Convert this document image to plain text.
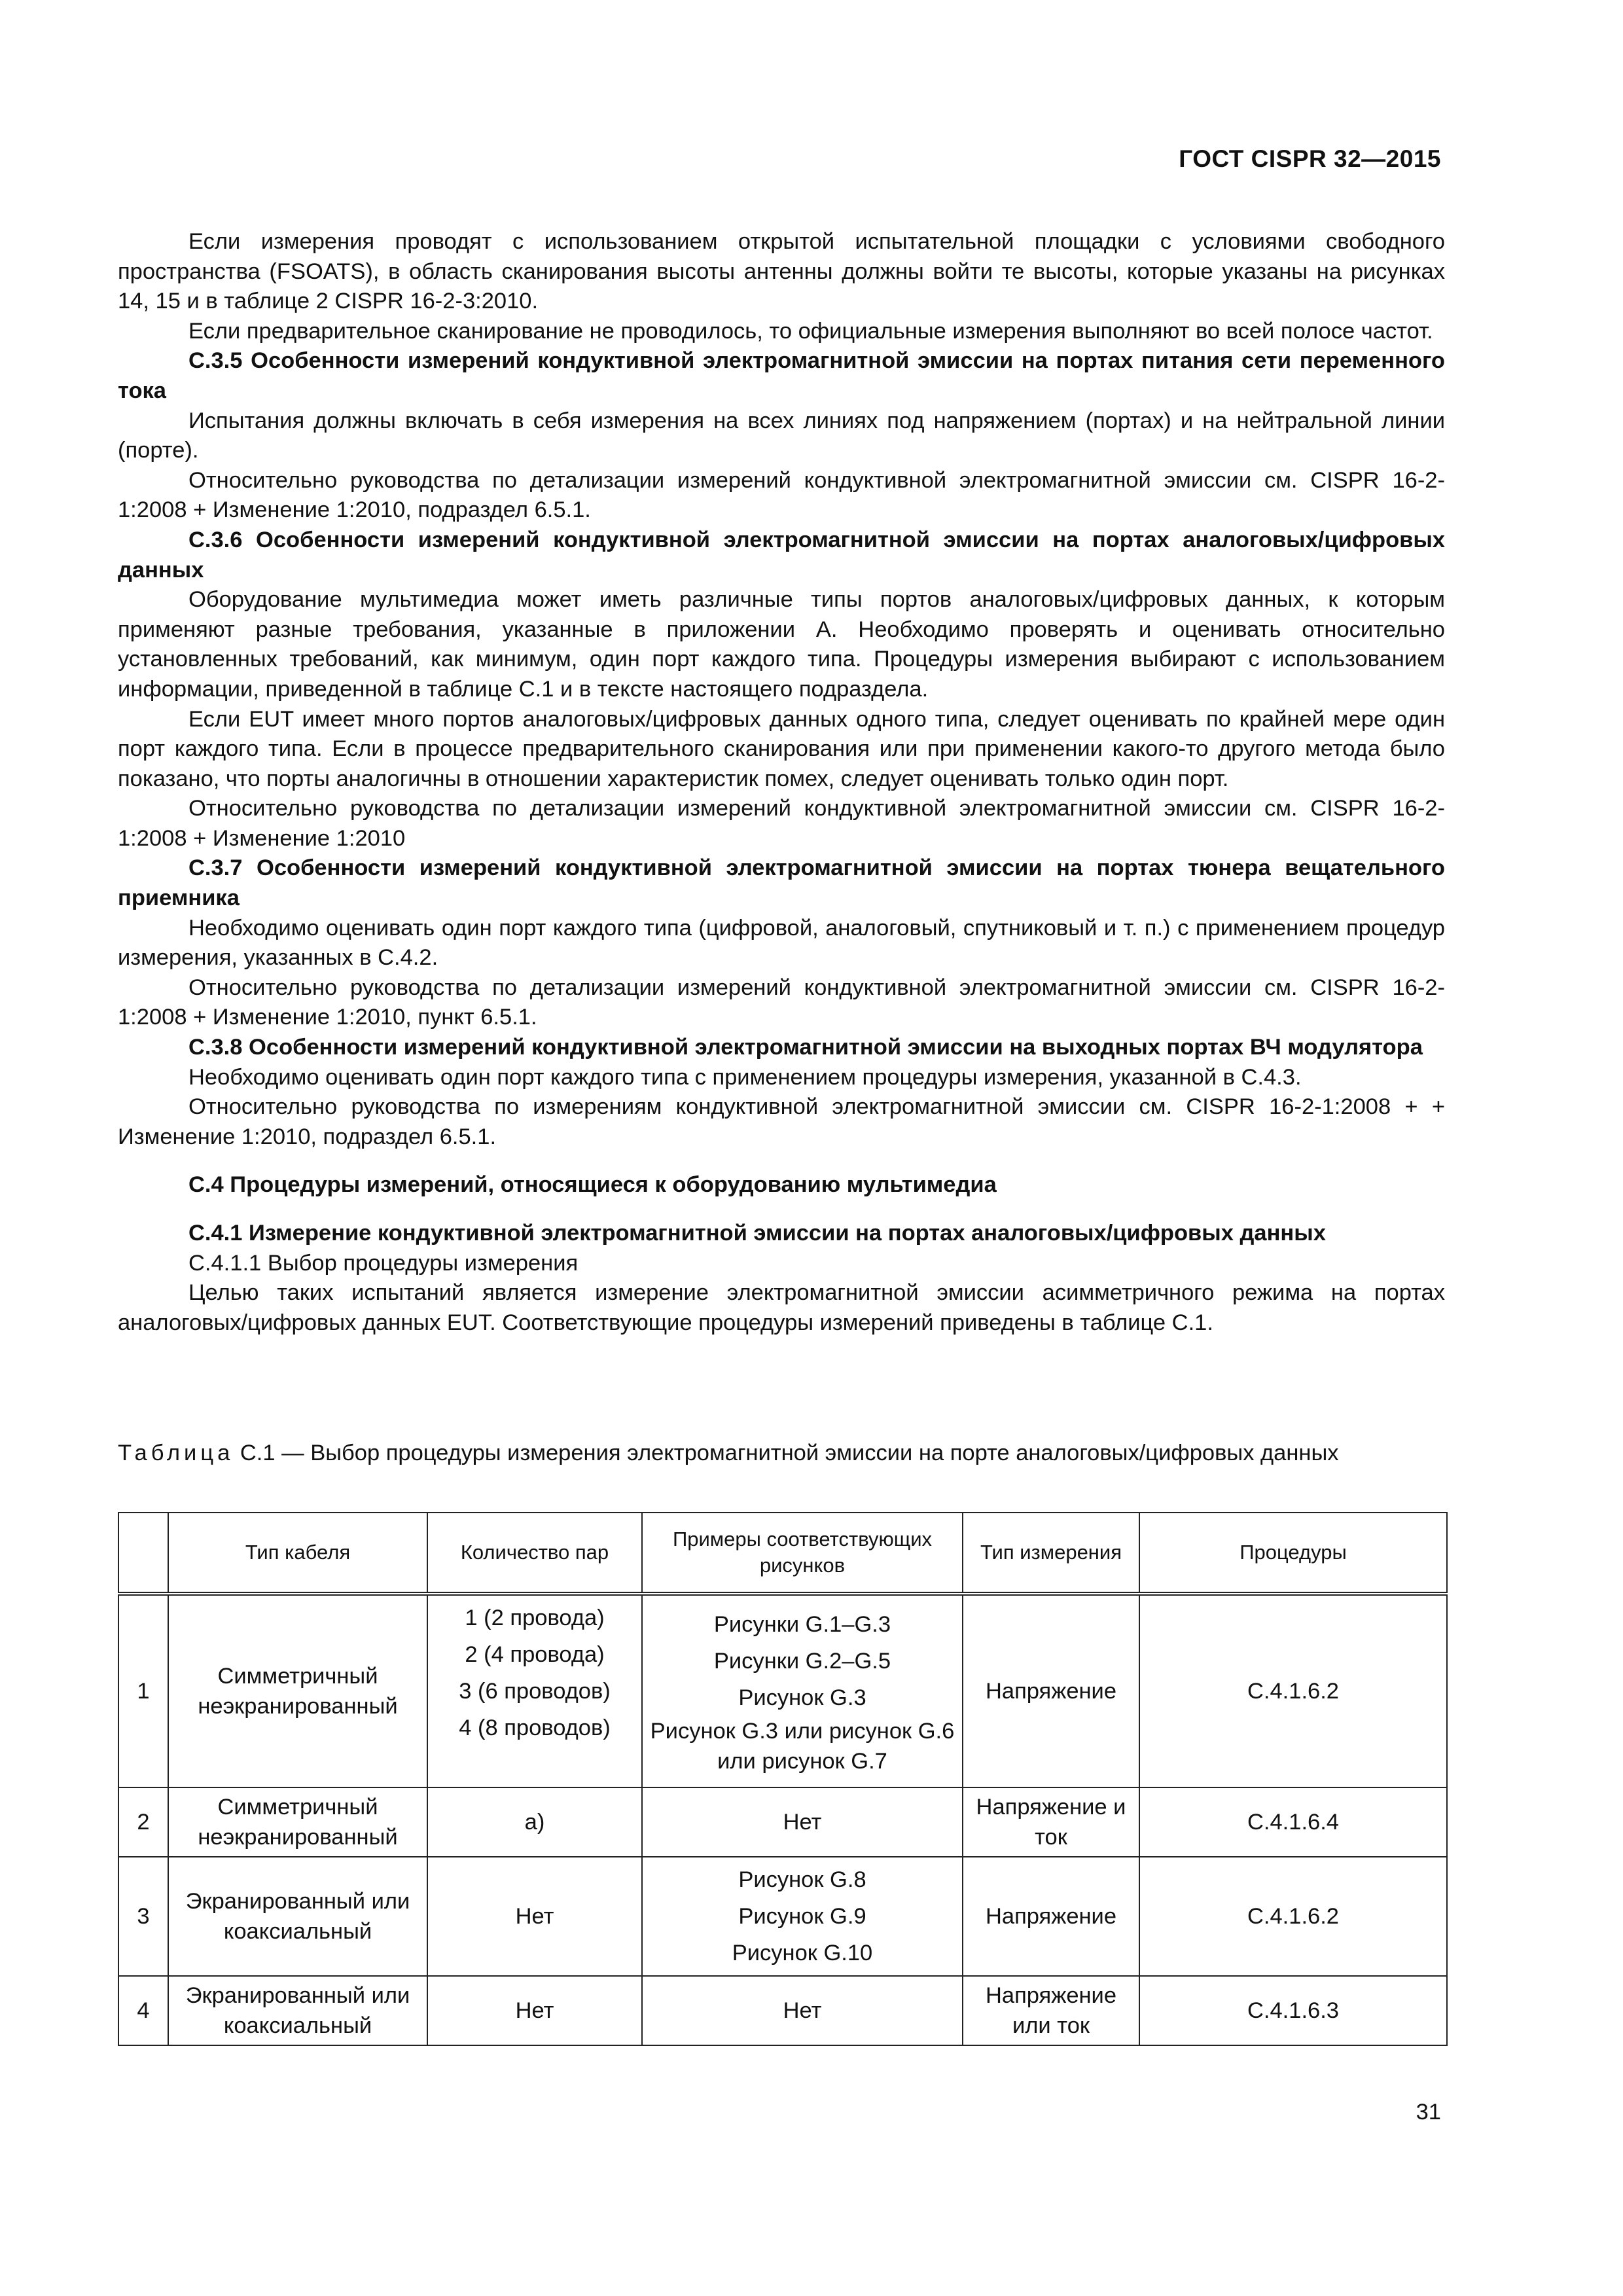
ГОСТ CISPR 32—2015

Если измерения проводят с использованием открытой испытательной площадки с условиями свободного пространства (FSOATS), в область сканирования высоты антенны должны войти те высоты, которые указаны на рисунках 14, 15 и в таблице 2 CISPR 16-2-3:2010.

Если предварительное сканирование не проводилось, то официальные измерения выполняют во всей полосе частот.

С.3.5 Особенности измерений кондуктивной электромагнитной эмиссии на портах питания сети переменного тока

Испытания должны включать в себя измерения на всех линиях под напряжением (портах) и на нейтральной линии (порте).

Относительно руководства по детализации измерений кондуктивной электромагнитной эмиссии см. CISPR 16-2-1:2008 + Изменение 1:2010, подраздел 6.5.1.

С.3.6 Особенности измерений кондуктивной электромагнитной эмиссии на портах аналоговых/цифровых данных

Оборудование мультимедиа может иметь различные типы портов аналоговых/цифровых данных, к которым применяют разные требования, указанные в приложении А. Необходимо проверять и оценивать относительно установленных требований, как минимум, один порт каждого типа. Процедуры измерения выбирают с использованием информации, приведенной в таблице С.1 и в тексте настоящего подраздела.

Если EUT имеет много портов аналоговых/цифровых данных одного типа, следует оценивать по крайней мере один порт каждого типа. Если в процессе предварительного сканирования или при применении какого-то другого метода было показано, что порты аналогичны в отношении характеристик помех, следует оценивать только один порт.

Относительно руководства по детализации измерений кондуктивной электромагнитной эмиссии см. CISPR 16-2-1:2008 + Изменение 1:2010

С.3.7 Особенности измерений кондуктивной электромагнитной эмиссии на портах тюнера вещательного приемника

Необходимо оценивать один порт каждого типа (цифровой, аналоговый, спутниковый и т. п.) с применением процедур измерения, указанных в С.4.2.

Относительно руководства по детализации измерений кондуктивной электромагнитной эмиссии см. CISPR 16-2-1:2008 + Изменение 1:2010, пункт 6.5.1.

С.3.8 Особенности измерений кондуктивной электромагнитной эмиссии на выходных портах ВЧ модулятора

Необходимо оценивать один порт каждого типа с применением процедуры измерения, указанной в С.4.3.

Относительно руководства по измерениям кондуктивной электромагнитной эмиссии см. CISPR 16-2-1:2008 + + Изменение 1:2010, подраздел 6.5.1.

С.4 Процедуры измерений, относящиеся к оборудованию мультимедиа

С.4.1 Измерение кондуктивной электромагнитной эмиссии на портах аналоговых/цифровых данных

С.4.1.1 Выбор процедуры измерения

Целью таких испытаний является измерение электромагнитной эмиссии асимметричного режима на портах аналоговых/цифровых данных EUT. Соответствующие процедуры измерений приведены в таблице С.1.

Таблица С.1 — Выбор процедуры измерения электромагнитной эмиссии на порте аналоговых/цифровых данных
	Тип кабеля	Количество пар	Примеры соответствующих рисунков	Тип измерения	Процедуры
1	Симметричный неэкранированный	1 (2 провода)
2 (4 провода)
3 (6 проводов)
4 (8 проводов)	Рисунки G.1–G.3
Рисунки G.2–G.5
Рисунок G.3
Рисунок G.3 или рисунок G.6 или рисунок G.7	Напряжение	С.4.1.6.2
2	Симметричный неэкранированный	а)	Нет	Напряжение и ток	С.4.1.6.4
3	Экранированный или коаксиальный	Нет	Рисунок G.8
Рисунок G.9
Рисунок G.10	Напряжение	С.4.1.6.2
4	Экранированный или коаксиальный	Нет	Нет	Напряжение или ток	С.4.1.6.3
31
